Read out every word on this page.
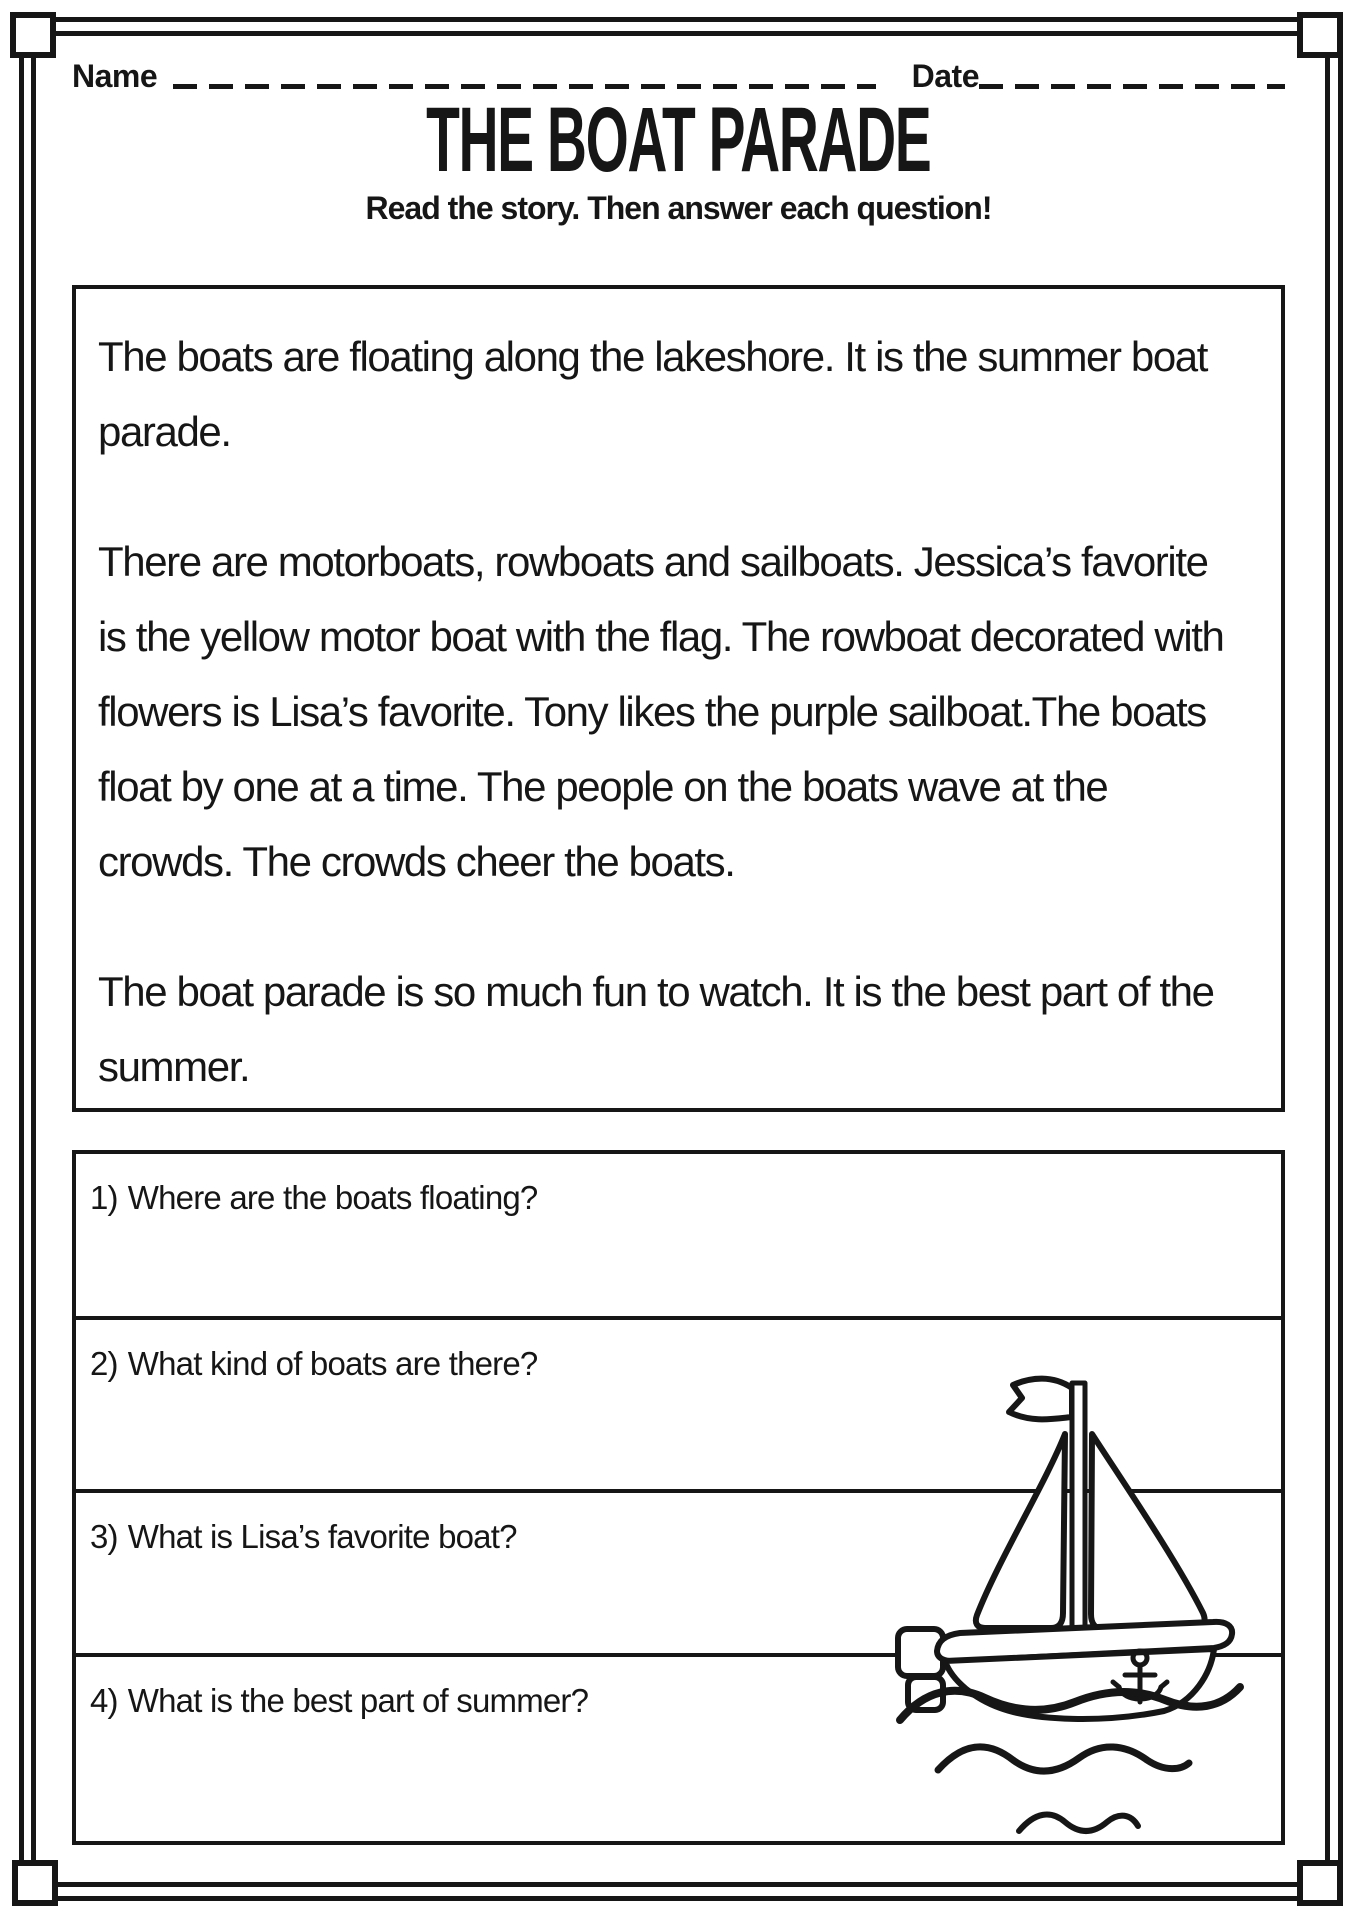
Name	Date
THE BOAT PARADE
Read the story. Then answer each question!

The boats are floating along the lakeshore. It is the summer boat parade.

There are motorboats, rowboats and sailboats. Jessica’s favorite is the yellow motor boat with the flag. The rowboat decorated with flowers is Lisa’s favorite. Tony likes the purple sailboat.The boats float by one at a time. The people on the boats wave at the crowds. The crowds cheer the boats.

The boat parade is so much fun to watch. It is the best part of the summer.

1) Where are the boats floating?
2) What kind of boats are there?
3) What is Lisa’s favorite boat?
4) What is the best part of summer?
